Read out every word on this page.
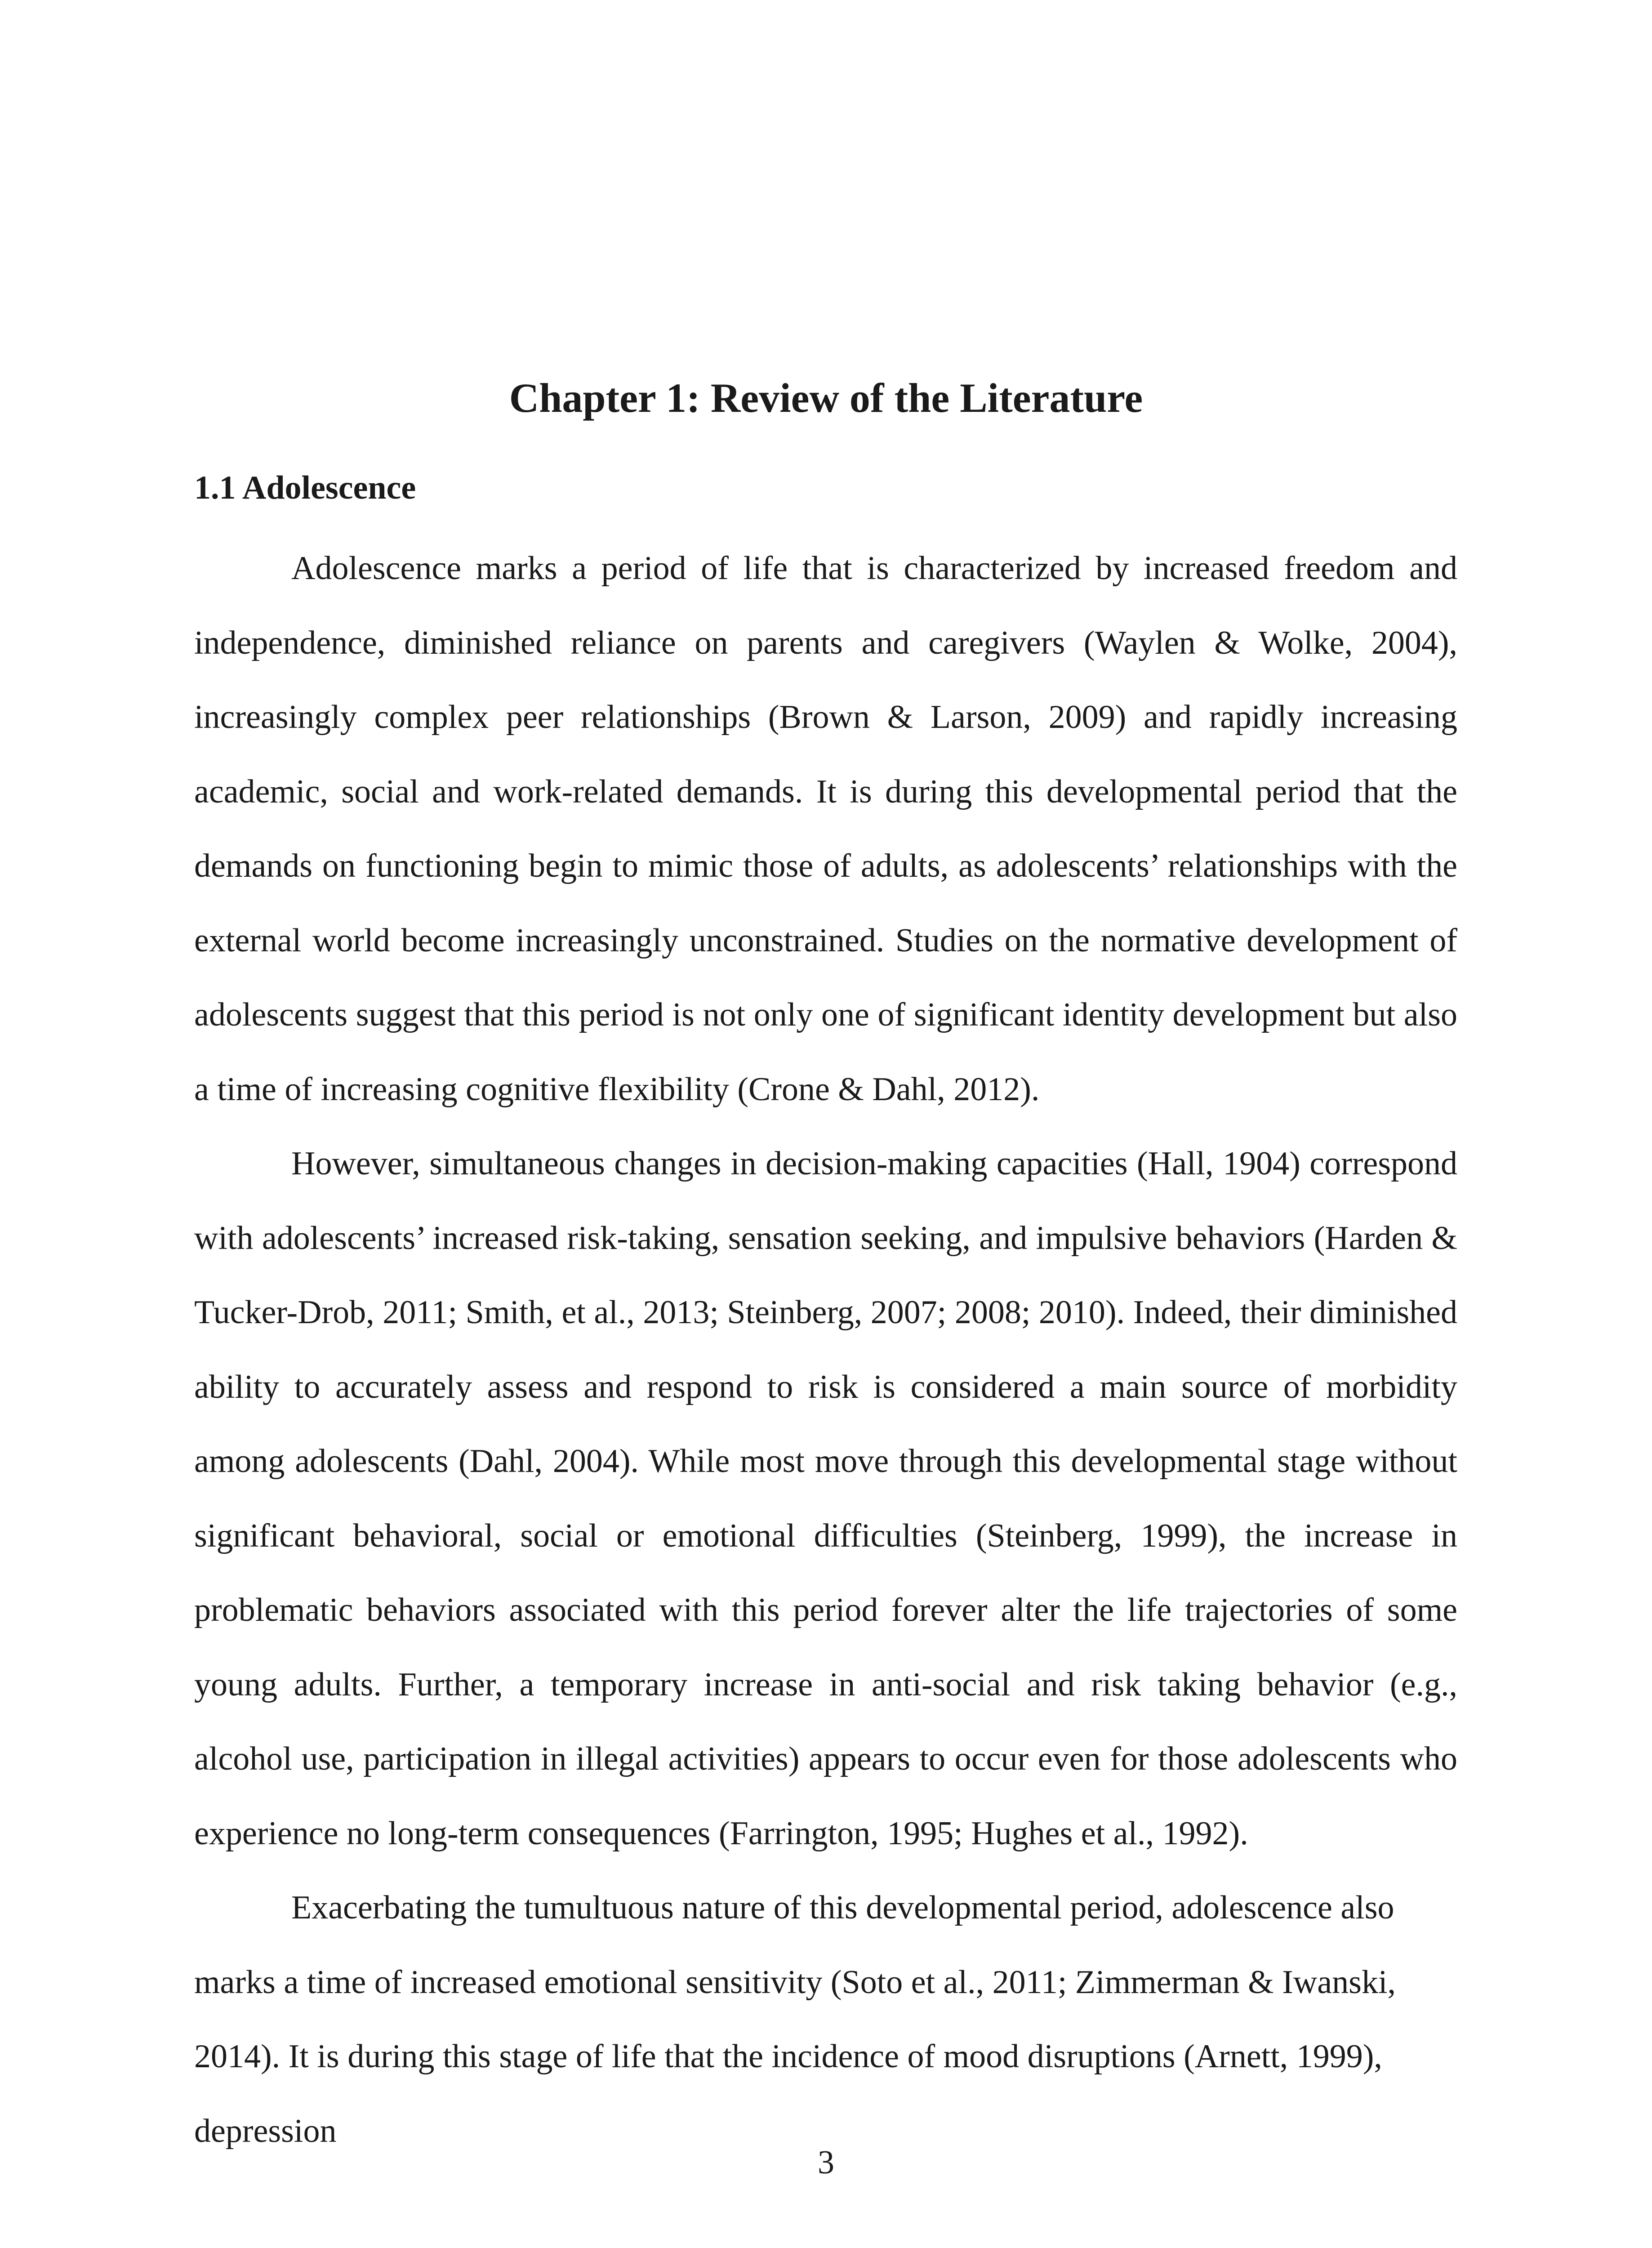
Chapter 1: Review of the Literature
1.1 Adolescence

Adolescence marks a period of life that is characterized by increased freedom and independence, diminished reliance on parents and caregivers (Waylen & Wolke, 2004), increasingly complex peer relationships (Brown & Larson, 2009) and rapidly increasing academic, social and work-related demands. It is during this developmental period that the demands on functioning begin to mimic those of adults, as adolescents’ relationships with the external world become increasingly unconstrained. Studies on the normative development of adolescents suggest that this period is not only one of significant identity development but also a time of increasing cognitive flexibility (Crone & Dahl, 2012).

However, simultaneous changes in decision-making capacities (Hall, 1904) correspond with adolescents’ increased risk-taking, sensation seeking, and impulsive behaviors (Harden & Tucker-Drob, 2011; Smith, et al., 2013; Steinberg, 2007; 2008; 2010). Indeed, their diminished ability to accurately assess and respond to risk is considered a main source of morbidity among adolescents (Dahl, 2004). While most move through this developmental stage without significant behavioral, social or emotional difficulties (Steinberg, 1999), the increase in problematic behaviors associated with this period forever alter the life trajectories of some young adults. Further, a temporary increase in anti-social and risk taking behavior (e.g., alcohol use, participation in illegal activities) appears to occur even for those adolescents who experience no long-term consequences (Farrington, 1995; Hughes et al., 1992).

Exacerbating the tumultuous nature of this developmental period, adolescence also marks a time of increased emotional sensitivity (Soto et al., 2011; Zimmerman & Iwanski, 2014). It is during this stage of life that the incidence of mood disruptions (Arnett, 1999), depression

3
